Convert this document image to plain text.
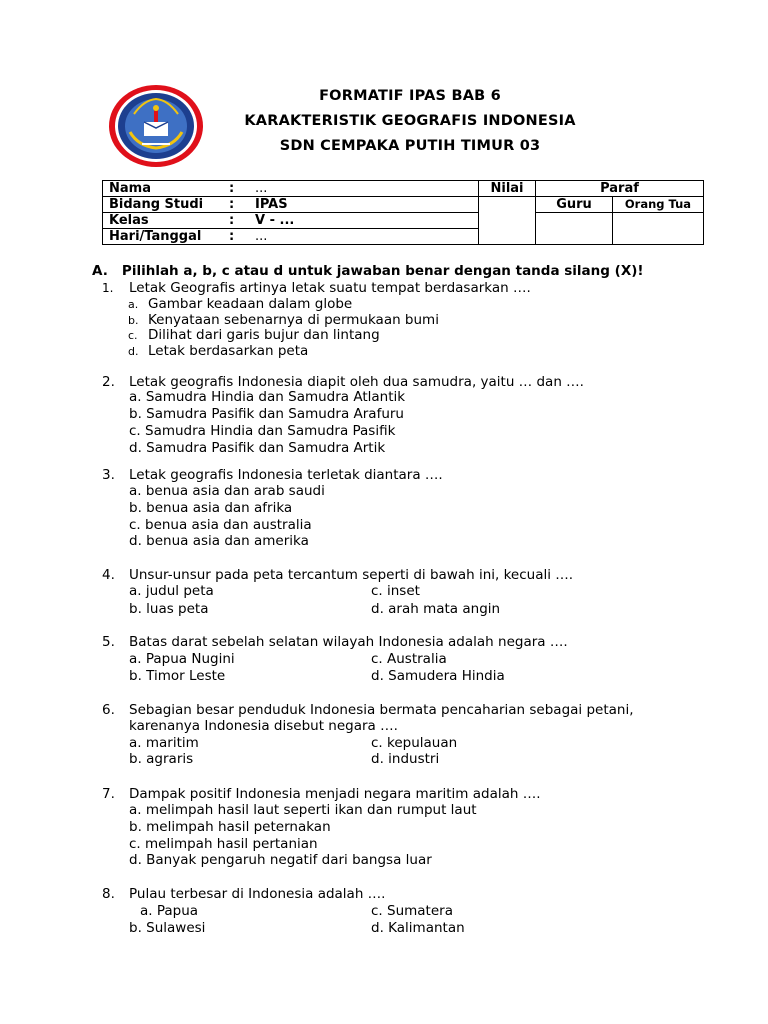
FORMATIF IPAS BAB 6
KARAKTERISTIK GEOGRAFIS INDONESIA
SDN CEMPAKA PUTIH TIMUR 03
Nama : ...	Nilai	Paraf	
Bidang Studi : IPAS		Guru	Orang Tua
Kelas : V - ...			
Hari/Tanggal : ...			
A.   Pilihlah a, b, c atau d untuk jawaban benar dengan tanda silang (X)!
1. Letak Geografis artinya letak suatu tempat berdasarkan ….
a. Gambar keadaan dalam globe
b. Kenyataan sebenarnya di permukaan bumi
c. Dilihat dari garis bujur dan lintang
d. Letak berdasarkan peta
2. Letak geografis Indonesia diapit oleh dua samudra, yaitu … dan ….
a. Samudra Hindia dan Samudra Atlantik
b. Samudra Pasifik dan Samudra Arafuru
c. Samudra Hindia dan Samudra Pasifik
d. Samudra Pasifik dan Samudra Artik
3. Letak geografis Indonesia terletak diantara ….
a. benua asia dan arab saudi
b. benua asia dan afrika
c. benua asia dan australia
d. benua asia dan amerika
4. Unsur-unsur pada peta tercantum seperti di bawah ini, kecuali ….
a. judul peta	c. inset
b. luas peta	d. arah mata angin
5. Batas darat sebelah selatan wilayah Indonesia adalah negara ….
a. Papua Nugini	c. Australia
b. Timor Leste	d. Samudera Hindia
6. Sebagian besar penduduk Indonesia bermata pencaharian sebagai petani,
karenanya Indonesia disebut negara ….
a. maritim	c. kepulauan
b. agraris	d. industri
7. Dampak positif Indonesia menjadi negara maritim adalah ….
a. melimpah hasil laut seperti ikan dan rumput laut
b. melimpah hasil peternakan
c. melimpah hasil pertanian
d. Banyak pengaruh negatif dari bangsa luar
8. Pulau terbesar di Indonesia adalah ….
a. Papua	c. Sumatera
b. Sulawesi	d. Kalimantan
